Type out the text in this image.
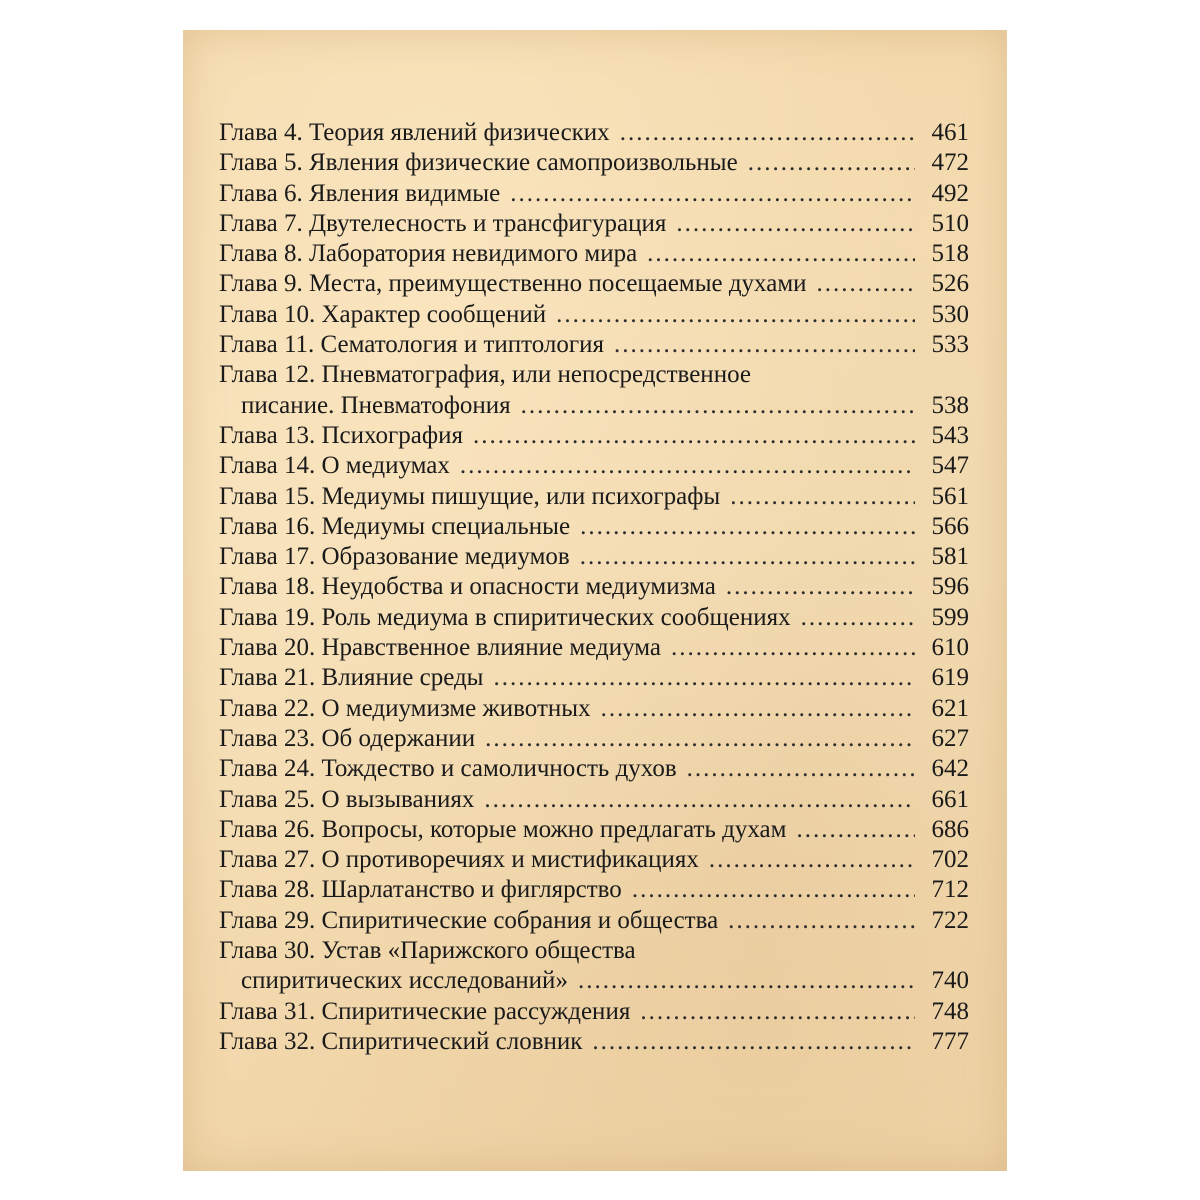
Глава 4. Теория явлений физических .....	461
Глава 5. Явления физические самопроизвольные .....	472
Глава 6. Явления видимые .....	492
Глава 7. Двутелесность и трансфигурация .....	510
Глава 8. Лаборатория невидимого мира .....	518
Глава 9. Места, преимущественно посещаемые духами .....	526
Глава 10. Характер сообщений .....	530
Глава 11. Сематология и типтология .....	533
Глава 12. Пневматография, или непосредственное
писание. Пневматофония .....	538
Глава 13. Психография .....	543
Глава 14. О медиумах .....	547
Глава 15. Медиумы пишущие, или психографы .....	561
Глава 16. Медиумы специальные .....	566
Глава 17. Образование медиумов .....	581
Глава 18. Неудобства и опасности медиумизма .....	596
Глава 19. Роль медиума в спиритических сообщениях .....	599
Глава 20. Нравственное влияние медиума .....	610
Глава 21. Влияние среды .....	619
Глава 22. О медиумизме животных .....	621
Глава 23. Об одержании .....	627
Глава 24. Тождество и самоличность духов .....	642
Глава 25. О вызываниях .....	661
Глава 26. Вопросы, которые можно предлагать духам .....	686
Глава 27. О противоречиях и мистификациях .....	702
Глава 28. Шарлатанство и фиглярство .....	712
Глава 29. Спиритические собрания и общества .....	722
Глава 30. Устав «Парижского общества
спиритических исследований» .....	740
Глава 31. Спиритические рассуждения .....	748
Глава 32. Спиритический словник .....	777
